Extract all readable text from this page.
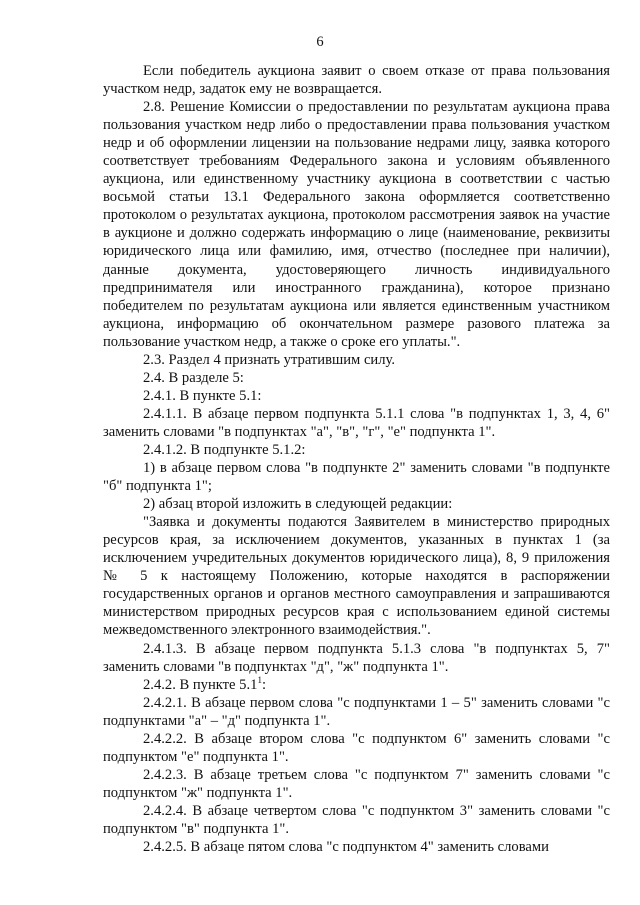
6

Если победитель аукциона заявит о своем отказе от права пользования участком недр, задаток ему не возвращается.

2.8. Решение Комиссии о предоставлении по результатам аукциона права пользования участком недр либо о предоставлении права пользования участком недр и об оформлении лицензии на пользование недрами лицу, заявка которого соответствует требованиям Федерального закона и условиям объявленного аукциона, или единственному участнику аукциона в соответствии с частью восьмой статьи 13.1 Федерального закона оформляется соответственно протоколом о результатах аукциона, протоколом рассмотрения заявок на участие в аукционе и должно содержать информацию о лице (наименование, реквизиты юридического лица или фамилию, имя, отчество (последнее при наличии), данные документа, удостоверяющего личность индивидуального предпринимателя или иностранного гражданина), которое признано победителем по результатам аукциона или является единственным участником аукциона, информацию об окончательном размере разового платежа за пользование участком недр, а также о сроке его уплаты.".

2.3. Раздел 4 признать утратившим силу.

2.4. В разделе 5:

2.4.1. В пункте 5.1:

2.4.1.1. В абзаце первом подпункта 5.1.1 слова "в подпунктах 1, 3, 4, 6" заменить словами "в подпунктах "а", "в", "г", "е" подпункта 1".

2.4.1.2. В подпункте 5.1.2:

1) в абзаце первом слова "в подпункте 2" заменить словами "в подпункте "б" подпункта 1";

2) абзац второй изложить в следующей редакции:

"Заявка и документы подаются Заявителем в министерство природных ресурсов края, за исключением документов, указанных в пунктах 1 (за исключением учредительных документов юридического лица), 8, 9 приложения № 5 к настоящему Положению, которые находятся в распоряжении государственных органов и органов местного самоуправления и запрашиваются министерством природных ресурсов края с использованием единой системы межведомственного электронного взаимодействия.".

2.4.1.3. В абзаце первом подпункта 5.1.3 слова "в подпунктах 5, 7" заменить словами "в подпунктах "д", "ж" подпункта 1".

2.4.2. В пункте $5.1^1$:

2.4.2.1. В абзаце первом слова "с подпунктами 1 – 5" заменить словами "с подпунктами "а" – "д" подпункта 1".

2.4.2.2. В абзаце втором слова "с подпунктом 6" заменить словами "с подпунктом "е" подпункта 1".

2.4.2.3. В абзаце третьем слова "с подпунктом 7" заменить словами "с подпунктом "ж" подпункта 1".

2.4.2.4. В абзаце четвертом слова "с подпунктом 3" заменить словами "с подпунктом "в" подпункта 1".

2.4.2.5. В абзаце пятом слова "с подпунктом 4" заменить словами
